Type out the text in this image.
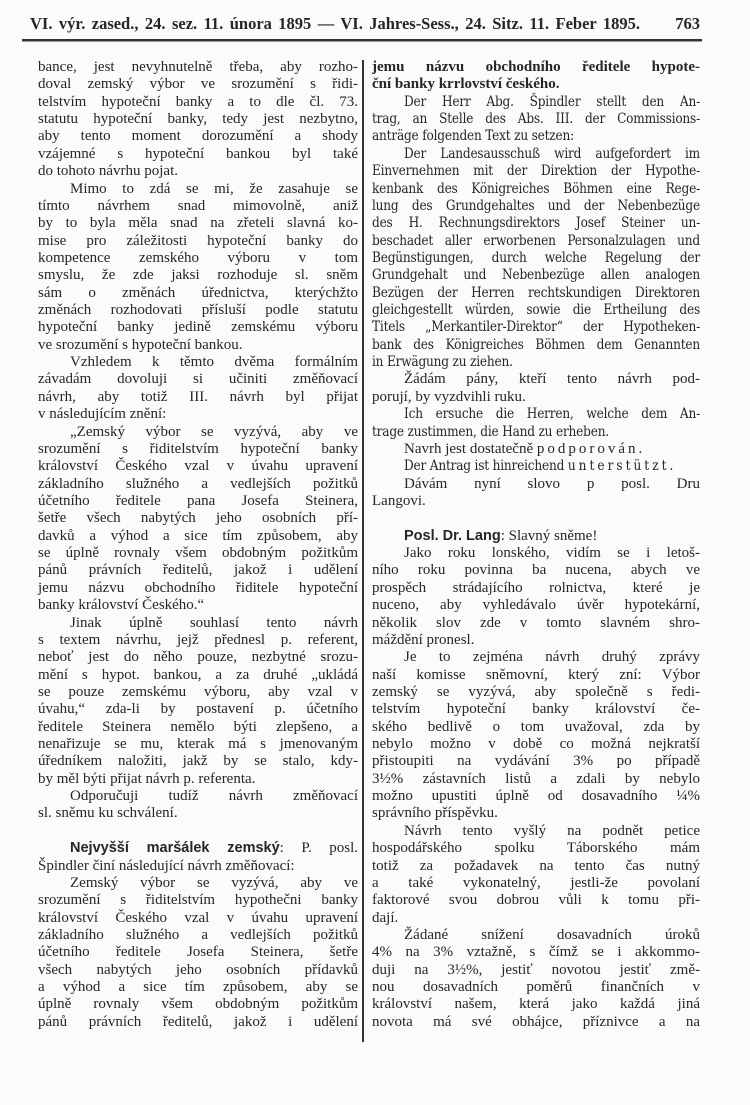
VI. výr. zased., 24. sez. 11. února 1895 — VI. Jahres-Sess., 24. Sitz. 11. Feber 1895. 763
bance, jest nevyhnutelně třeba, aby rozho-
doval zemský výbor ve srozumění s řidi-
telstvím hypoteční banky a to dle čl. 73.
statutu hypoteční banky, tedy jest nezbytno,
aby tento moment dorozumění a shody
vzájemné s hypoteční bankou byl také
do tohoto návrhu pojat.
Mimo to zdá se mi, že zasahuje se
tímto návrhem snad mimovolně, aniž
by to byla měla snad na zřeteli slavná ko-
mise pro záležitosti hypoteční banky do
kompetence zemského výboru v tom
smyslu, že zde jaksi rozhoduje sl. sněm
sám o změnách úřednictva, kterýchžto
změnách rozhodovati přísluší podle statutu
hypoteční banky jedině zemskému výboru
ve srozumění s hypoteční bankou.
Vzhledem k těmto dvěma formálním
závadám dovoluji si učiniti změňovací
návrh, aby totiž III. návrh byl přijat
v následujícím znění:
„Zemský výbor se vyzývá, aby ve
srozumění s řiditelstvím hypoteční banky
království Českého vzal v úvahu upravení
základního služného a vedlejších požitků
účetního ředitele pana Josefa Steinera,
šetře všech nabytých jeho osobních pří-
davků a výhod a sice tím způsobem, aby
se úplně rovnaly všem obdobným požitkům
pánů právních ředitelů, jakož i udělení
jemu názvu obchodního řiditele hypoteční
banky království Českého.“
Jinak úplně souhlasí tento návrh
s textem návrhu, jejž přednesl p. referent,
neboť jest do něho pouze, nezbytné srozu-
mění s hypot. bankou, a za druhé „ukládá
se pouze zemskému výboru, aby vzal v
úvahu,“ zda-li by postavení p. účetního
ředitele Steinera nemělo býti zlepšeno, a
nenařizuje se mu, kterak má s jmenovaným
úředníkem naložiti, jakž by se stalo, kdy-
by měl býti přijat návrh p. referenta.
Odporučuji tudíž návrh změňovací
sl. sněmu ku schválení.
Nejvyšší maršálek zemský: P. posl.
Špindler činí následující návrh změňovací:
Zemský výbor se vyzývá, aby ve
srozumění s řiditelstvím hypothečni banky
království Českého vzal v úvahu upravení
základního služného a vedlejších požitků
účetního ředitele Josefa Steinera, šetře
všech nabytých jeho osobních přídavků
a výhod a sice tím způsobem, aby se
úplně rovnaly všem obdobným požitkům
pánů právních ředitelů, jakož i udělení
jemu názvu obchodního ředitele hypote-
ční banky krrlovství českého.
Der Herr Abg. Špindler stellt den An-
trag, an Stelle des Abs. III. der Commissions-
anträge folgenden Text zu setzen:
Der Landesausschuß wird aufgefordert im
Einvernehmen mit der Direktion der Hypothe-
kenbank des Königreiches Böhmen eine Rege-
lung des Grundgehaltes und der Nebenbezüge
des H. Rechnungsdirektors Josef Steiner un-
beschadet aller erworbenen Personalzulagen und
Begünstigungen, durch welche Regelung der
Grundgehalt und Nebenbezüge allen analogen
Bezügen der Herren rechtskundigen Direktoren
gleichgestellt würden, sowie die Ertheilung des
Titels „Merkantiler-Direktor“ der Hypotheken-
bank des Königreiches Böhmen dem Genannten
in Erwägung zu ziehen.
Žádám pány, kteří tento návrh pod-
porují, by vyzdvihli ruku.
Ich ersuche die Herren, welche dem An-
trage zustimmen, die Hand zu erheben.
Navrh jest dostatečně podporován.
Der Antrag ist hinreichend unterstützt.
Dávám nyní slovo p posl. Dru
Langovi.
Posl. Dr. Lang: Slavný sněme!
Jako roku lonského, vidím se i letoš-
ního roku povinna ba nucena, abych ve
prospěch strádajícího rolnictva, které je
nuceno, aby vyhledávalo úvěr hypotekární,
několik slov zde v tomto slavném shro-
máždění pronesl.
Je to zejména návrh druhý zprávy
naší komisse sněmovní, který zní: Výbor
zemský se vyzývá, aby společně s ředi-
telstvím hypoteční banky království če-
ského bedlivě o tom uvažoval, zda by
nebylo možno v době co možná nejkratší
přistoupiti na vydávání 3% po případě
3½% zástavních listů a zdali by nebylo
možno upustiti úplně od dosavadního ¼%
správního příspěvku.
Návrh tento vyšlý na podnět petice
hospodářského spolku Táborského mám
totiž za požadavek na tento čas nutný
a také vykonatelný, jestli-že povolaní
faktorové svou dobrou vůli k tomu při-
dají.
Žádané snížení dosavadních úroků
4% na 3% vztažně, s čímž se i akkommo-
duji na 3½%, jestiť novotou jestiť změ-
nou dosavadních poměrů finančních v
království našem, která jako každá jiná
novota má své obhájce, příznivce a na
